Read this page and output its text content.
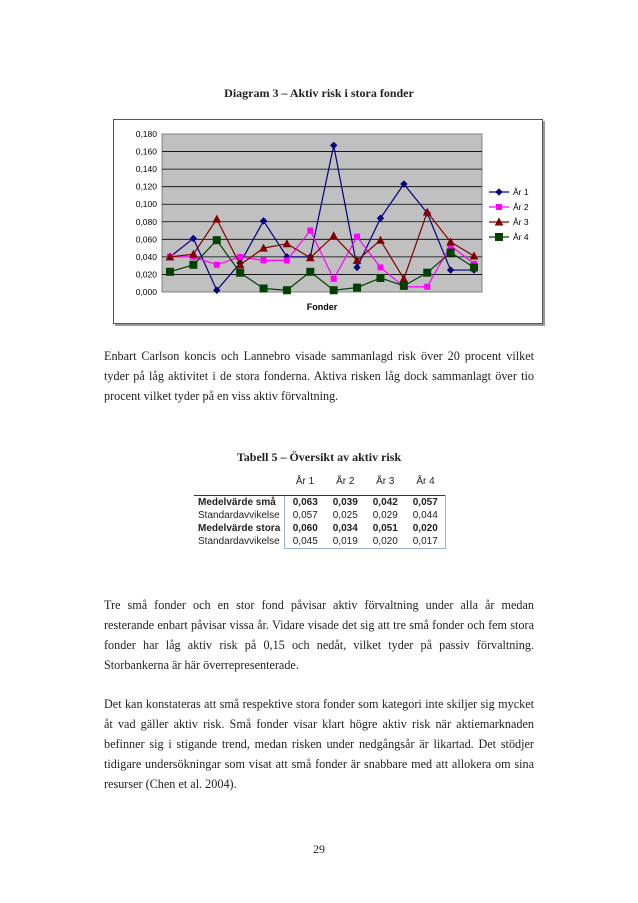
Diagram 3 – Aktiv risk i stora fonder
0,000
0,020
0,040
0,060
0,080
0,100
0,120
0,140
0,160
0,180
Fonder
År 1
År 2
År 3
År 4
Enbart Carlson koncis och Lannebro visade sammanlagd risk över 20 procent vilket tyder på låg aktivitet i de stora fonderna. Aktiva risken låg dock sammanlagt över tio procent vilket tyder på en viss aktiv förvaltning.
Tabell 5 – Översikt av aktiv risk
	År 1	År 2	År 3	År 4
Medelvärde små	0,063	0,039	0,042	0,057
Standardavvikelse	0,057	0,025	0,029	0,044
Medelvärde stora	0,060	0,034	0,051	0,020
Standardavvikelse	0,045	0,019	0,020	0,017
Tre små fonder och en stor fond påvisar aktiv förvaltning under alla år medan resterande enbart påvisar vissa år. Vidare visade det sig att tre små fonder och fem stora fonder har låg aktiv risk på 0,15 och nedåt, vilket tyder på passiv förvaltning. Storbankerna är här överrepresenterade.
Det kan konstateras att små respektive stora fonder som kategori inte skiljer sig mycket åt vad gäller aktiv risk. Små fonder visar klart högre aktiv risk när aktiemarknaden befinner sig i stigande trend, medan risken under nedgångsår är likartad. Det stödjer tidigare undersökningar som visat att små fonder är snabbare med att allokera om sina resurser (Chen et al. 2004).
29
